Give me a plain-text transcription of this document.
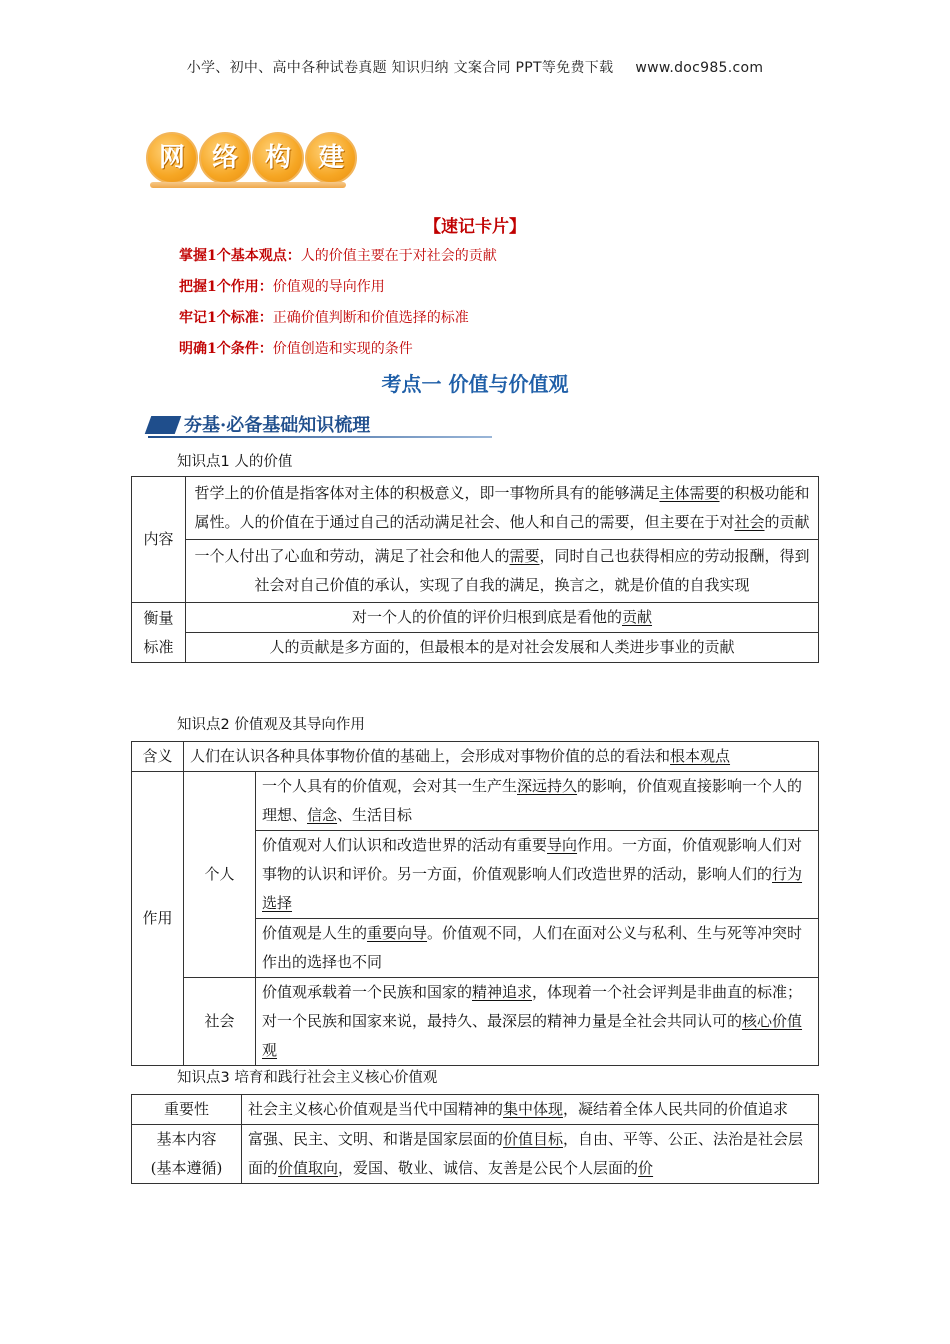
小学、初中、高中各种试卷真题 知识归纳 文案合同 PPT等免费下载 www.doc985.com
网 络 构 建
【速记卡片】
掌握1个基本观点：人的价值主要在于对社会的贡献
把握1个作用：价值观的导向作用
牢记1个标准：正确价值判断和价值选择的标准
明确1个条件：价值创造和实现的条件
考点一 价值与价值观
夯基·必备基础知识梳理
知识点1 人的价值
内容	哲学上的价值是指客体对主体的积极意义，即一事物所具有的能够满足主体需要的积极功能和属性。人的价值在于通过自己的活动满足社会、他人和自己的需要，但主要在于对社会的贡献
	一个人付出了心血和劳动，满足了社会和他人的需要，同时自己也获得相应的劳动报酬，得到社会对自己价值的承认，实现了自我的满足，换言之，就是价值的自我实现
衡量
标准	对一个人的价值的评价归根到底是看他的贡献
	人的贡献是多方面的，但最根本的是对社会发展和人类进步事业的贡献
知识点2 价值观及其导向作用
含义	人们在认识各种具体事物价值的基础上，会形成对事物价值的总的看法和根本观点	
作用	个人	一个人具有的价值观，会对其一生产生深远持久的影响，价值观直接影响一个人的理想、信念、生活目标
		价值观对人们认识和改造世界的活动有重要导向作用。一方面，价值观影响人们对事物的认识和评价。另一方面，价值观影响人们改造世界的活动，影响人们的行为选择
		价值观是人生的重要向导。价值观不同，人们在面对公义与私利、生与死等冲突时作出的选择也不同
	社会	价值观承载着一个民族和国家的精神追求，体现着一个社会评判是非曲直的标准；对一个民族和国家来说，最持久、最深层的精神力量是全社会共同认可的核心价值观
知识点3 培育和践行社会主义核心价值观
重要性	社会主义核心价值观是当代中国精神的集中体现，凝结着全体人民共同的价值追求
基本内容
(基本遵循)	富强、民主、文明、和谐是国家层面的价值目标，自由、平等、公正、法治是社会层面的价值取向，爱国、敬业、诚信、友善是公民个人层面的价
